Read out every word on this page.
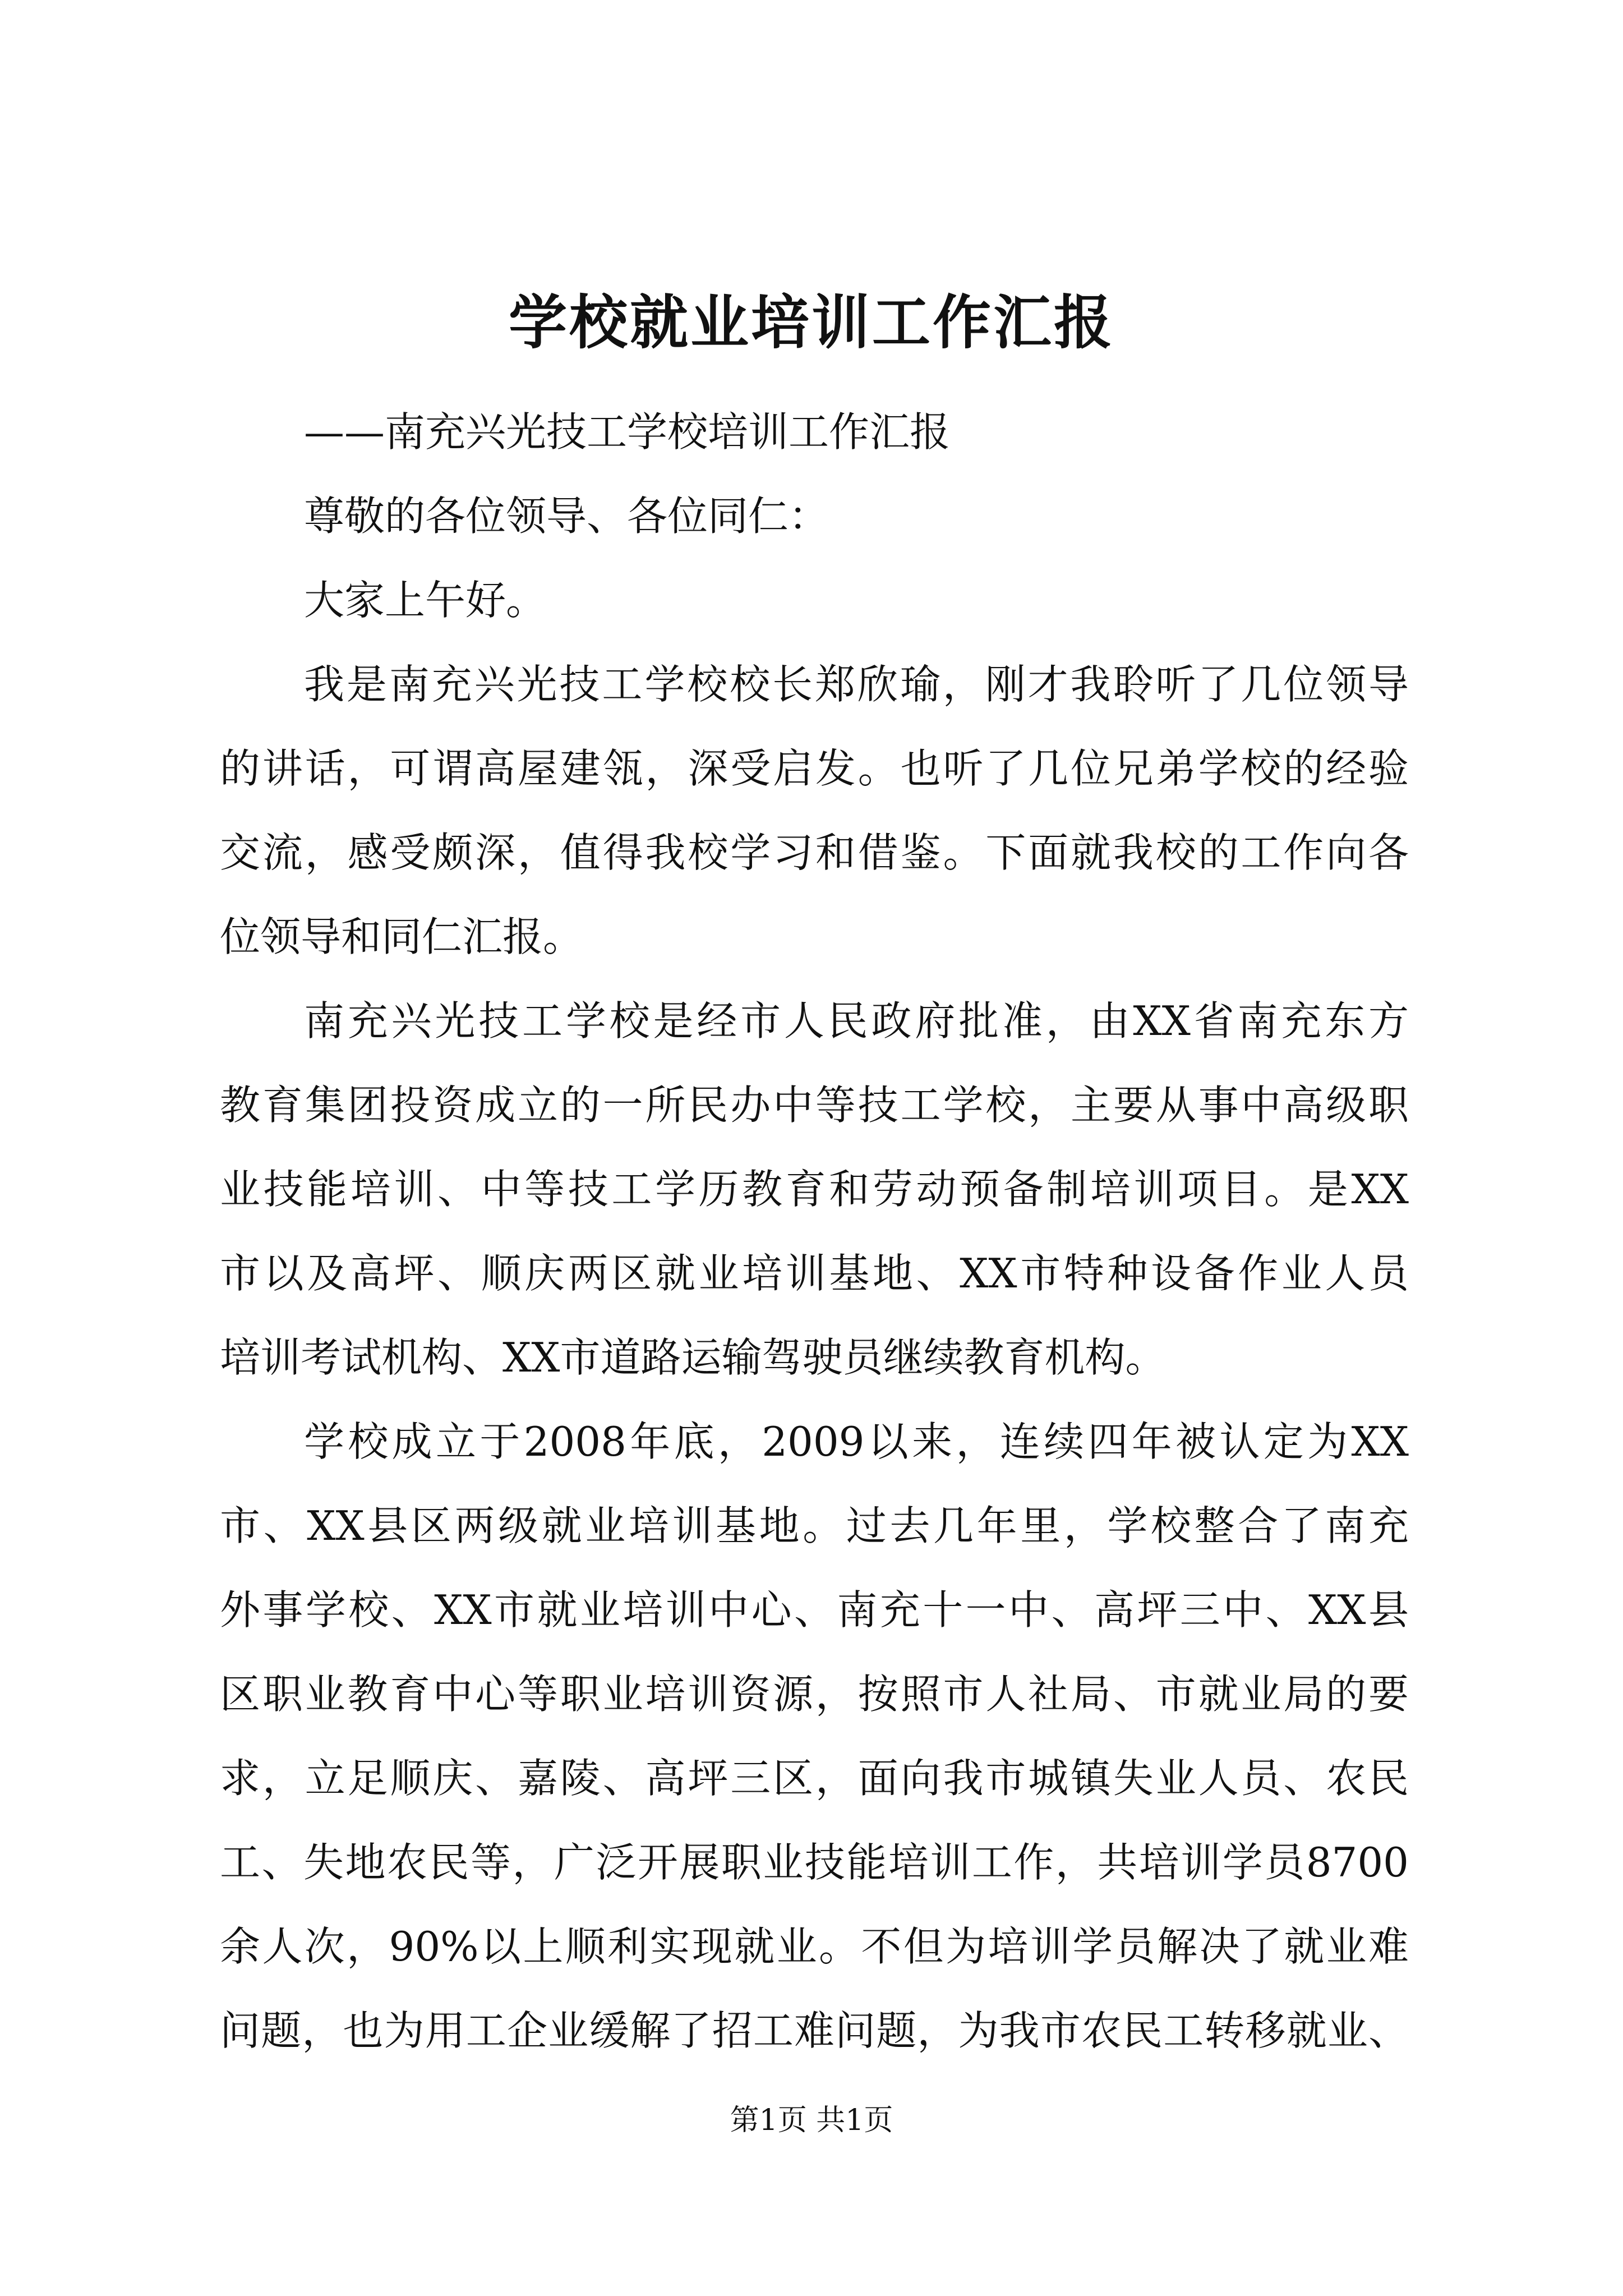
学校就业培训工作汇报
——南充兴光技工学校培训工作汇报
尊敬的各位领导、各位同仁：
大家上午好。
我是南充兴光技工学校校长郑欣瑜，刚才我聆听了几位领导
的讲话，可谓高屋建瓴，深受启发。也听了几位兄弟学校的经验
交流，感受颇深，值得我校学习和借鉴。下面就我校的工作向各
位领导和同仁汇报。
南充兴光技工学校是经市人民政府批准，由XX省南充东方
教育集团投资成立的一所民办中等技工学校，主要从事中高级职
业技能培训、中等技工学历教育和劳动预备制培训项目。是XX
市以及高坪、顺庆两区就业培训基地、XX市特种设备作业人员
培训考试机构、XX市道路运输驾驶员继续教育机构。
学校成立于2008年底，2009以来，连续四年被认定为XX
市、XX县区两级就业培训基地。过去几年里，学校整合了南充
外事学校、XX市就业培训中心、南充十一中、高坪三中、XX县
区职业教育中心等职业培训资源，按照市人社局、市就业局的要
求，立足顺庆、嘉陵、高坪三区，面向我市城镇失业人员、农民
工、失地农民等，广泛开展职业技能培训工作，共培训学员8700
余人次，90%以上顺利实现就业。不但为培训学员解决了就业难
问题，也为用工企业缓解了招工难问题，为我市农民工转移就业、
第1页 共1页
